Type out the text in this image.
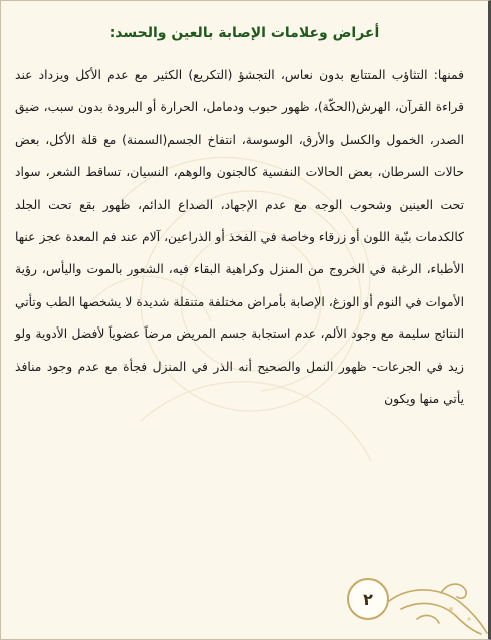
أعراض وعلامات الإصابة بالعين والحسد:

فمنها: التثاؤب المتتابع بدون نعاس، التجشؤ (التكريع) الكثير مع عدم الأكل ويزداد عند قراءة القرآن، الهرش(الحكّة)، ظهور حبوب ودمامل، الحرارة أو البرودة بدون سبب، ضيق الصدر، الخمول والكسل والأرق، الوسوسة، انتفاخ الجسم(السمنة) مع قلة الأكل، بعض حالات السرطان، بعض الحالات النفسية كالجنون والوهم، النسيان، تساقط الشعر، سواد تحت العينين وشحوب الوجه مع عدم الإجهاد، الصداع الدائم، ظهور بقع تحت الجلد كالكدمات بنّية اللون أو زرقاء وخاصة في الفخذ أو الذراعين، آلام عند فم المعدة عجز عنها الأطباء، الرغبة في الخروج من المنزل وكراهية البقاء فيه، الشعور بالموت واليأس، رؤية الأموات في النوم أو الوزغ، الإصابة بأمراض مختلفة متنقلة شديدة لا يشخصها الطب وتأتي النتائج سليمة مع وجود الألم، عدم استجابة جسم المريض مرضاً عضوياً لأفضل الأدوية ولو زيد في الجرعات- ظهور النمل والصحيح أنه الذر في المنزل فجأة مع عدم وجود منافذ يأتي منها ويكون

٢
